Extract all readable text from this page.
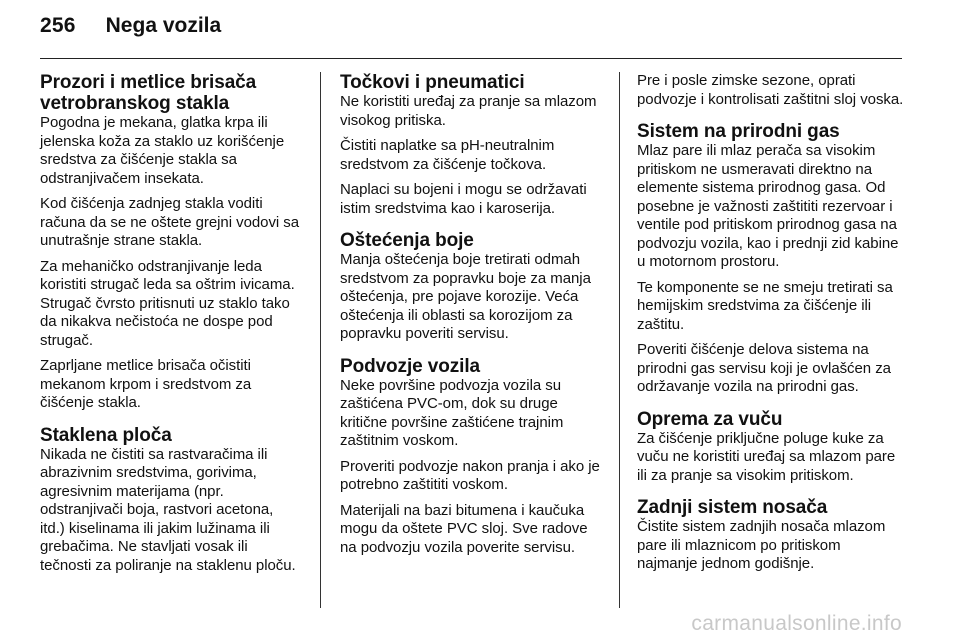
256 Nega vozila
Prozori i metlice brisača vetrobranskog stakla

Pogodna je mekana, glatka krpa ili jelenska koža za staklo uz korišćenje sredstva za čišćenje stakla sa odstranjivačem insekata.

Kod čišćenja zadnjeg stakla voditi računa da se ne oštete grejni vodovi sa unutrašnje strane stakla.

Za mehaničko odstranjivanje leda koristiti strugač leda sa oštrim ivicama. Strugač čvrsto pritisnuti uz staklo tako da nikakva nečistoća ne dospe pod strugač.

Zaprljane metlice brisača očistiti mekanom krpom i sredstvom za čišćenje stakla.

Staklena ploča

Nikada ne čistiti sa rastvaračima ili abrazivnim sredstvima, gorivima, agresivnim materijama (npr. odstranjivači boja, rastvori acetona, itd.) kiselinama ili jakim lužinama ili grebačima. Ne stavljati vosak ili tečnosti za poliranje na staklenu ploču.

Točkovi i pneumatici

Ne koristiti uređaj za pranje sa mlazom visokog pritiska.

Čistiti naplatke sa pH-neutralnim sredstvom za čišćenje točkova.

Naplaci su bojeni i mogu se održavati istim sredstvima kao i karoserija.

Oštećenja boje

Manja oštećenja boje tretirati odmah sredstvom za popravku boje za manja oštećenja, pre pojave korozije. Veća oštećenja ili oblasti sa korozijom za popravku poveriti servisu.

Podvozje vozila

Neke površine podvozja vozila su zaštićena PVC-om, dok su druge kritične površine zaštićene trajnim zaštitnim voskom.

Proveriti podvozje nakon pranja i ako je potrebno zaštititi voskom.

Materijali na bazi bitumena i kaučuka mogu da oštete PVC sloj. Sve radove na podvozju vozila poverite servisu.

Pre i posle zimske sezone, oprati podvozje i kontrolisati zaštitni sloj voska.

Sistem na prirodni gas

Mlaz pare ili mlaz perača sa visokim pritiskom ne usmeravati direktno na elemente sistema prirodnog gasa. Od posebne je važnosti zaštititi rezervoar i ventile pod pritiskom prirodnog gasa na podvozju vozila, kao i prednji zid kabine u motornom prostoru.

Te komponente se ne smeju tretirati sa hemijskim sredstvima za čišćenje ili zaštitu.

Poveriti čišćenje delova sistema na prirodni gas servisu koji je ovlašćen za održavanje vozila na prirodni gas.

Oprema za vuču

Za čišćenje priključne poluge kuke za vuču ne koristiti uređaj sa mlazom pare ili za pranje sa visokim pritiskom.

Zadnji sistem nosača

Čistite sistem zadnjih nosača mlazom pare ili mlaznicom po pritiskom najmanje jednom godišnje.

carmanualsonline.info
